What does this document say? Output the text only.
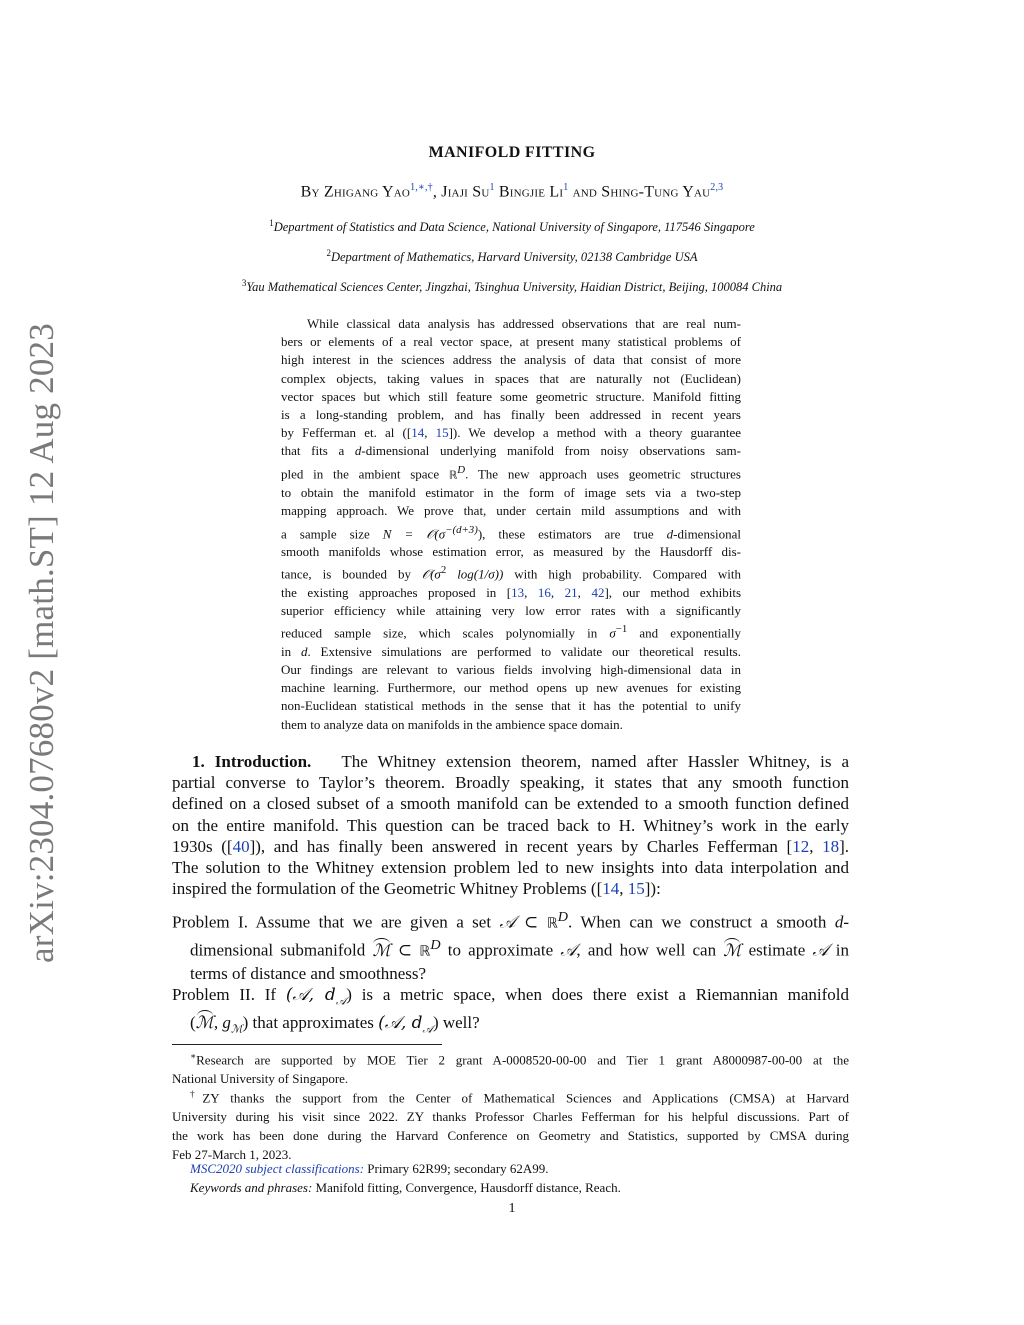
arXiv:2304.07680v2 [math.ST] 12 Aug 2023
MANIFOLD FITTING
By Zhigang Yao$^{1,∗,\dagger}$, Jiaji Su$^1$ Bingjie Li$^1$ and Shing-Tung Yau$^{2,3}$
$^1$Department of Statistics and Data Science, National University of Singapore, 117546 Singapore
$^2$Department of Mathematics, Harvard University, 02138 Cambridge USA
$^3$Yau Mathematical Sciences Center, Jingzhai, Tsinghua University, Haidian District, Beijing, 100084 China
While classical data analysis has addressed observations that are real num-
bers or elements of a real vector space, at present many statistical problems of
high interest in the sciences address the analysis of data that consist of more
complex objects, taking values in spaces that are naturally not (Euclidean)
vector spaces but which still feature some geometric structure. Manifold fitting
is a long-standing problem, and has finally been addressed in recent years
by Fefferman et. al ([14, 15]). We develop a method with a theory guarantee
that fits a d-dimensional underlying manifold from noisy observations sam-
pled in the ambient space ℝ$^D$. The new approach uses geometric structures
to obtain the manifold estimator in the form of image sets via a two-step
mapping approach. We prove that, under certain mild assumptions and with
a sample size $N = 𝒪(\sigma^{-(d+3)})$, these estimators are true d-dimensional
smooth manifolds whose estimation error, as measured by the Hausdorff dis-
tance, is bounded by $𝒪(\sigma^2$ log(1/σ)) with high probability. Compared with
the existing approaches proposed in [13, 16, 21, 42], our method exhibits
superior efficiency while attaining very low error rates with a significantly
reduced sample size, which scales polynomially in $\sigma^{-1}$ and exponentially
in d. Extensive simulations are performed to validate our theoretical results.
Our findings are relevant to various fields involving high-dimensional data in
machine learning. Furthermore, our method opens up new avenues for existing
non-Euclidean statistical methods in the sense that it has the potential to unify
them to analyze data on manifolds in the ambience space domain.
1. Introduction. The Whitney extension theorem, named after Hassler Whitney, is a
partial converse to Taylor’s theorem. Broadly speaking, it states that any smooth function
defined on a closed subset of a smooth manifold can be extended to a smooth function defined
on the entire manifold. This question can be traced back to H. Whitney’s work in the early
1930s ([40]), and has finally been answered in recent years by Charles Fefferman [12, 18].
The solution to the Whitney extension problem led to new insights into data interpolation and
inspired the formulation of the Geometric Whitney Problems ([14, 15]):
Problem I. Assume that we are given a set 𝒜 ⊂ ℝ$^D$. When can we construct a smooth d-
dimensional submanifold ℳ ⊂ ℝ$^D$ to approximate 𝒜, and how well can ℳ estimate 𝒜 in
terms of distance and smoothness?
Problem II. If (𝒜, $d_𝒜$) is a metric space, when does there exist a Riemannian manifold
(ℳ, $g_ℳ$) that approximates (𝒜, $d_𝒜$) well?
∗Research are supported by MOE Tier 2 grant A-0008520-00-00 and Tier 1 grant A8000987-00-00 at the
National University of Singapore.
†ZY thanks the support from the Center of Mathematical Sciences and Applications (CMSA) at Harvard
University during his visit since 2022. ZY thanks Professor Charles Fefferman for his helpful discussions. Part of
the work has been done during the Harvard Conference on Geometry and Statistics, supported by CMSA during
Feb 27-March 1, 2023.
MSC2020 subject classifications: Primary 62R99; secondary 62A99.
Keywords and phrases: Manifold fitting, Convergence, Hausdorff distance, Reach.
1
